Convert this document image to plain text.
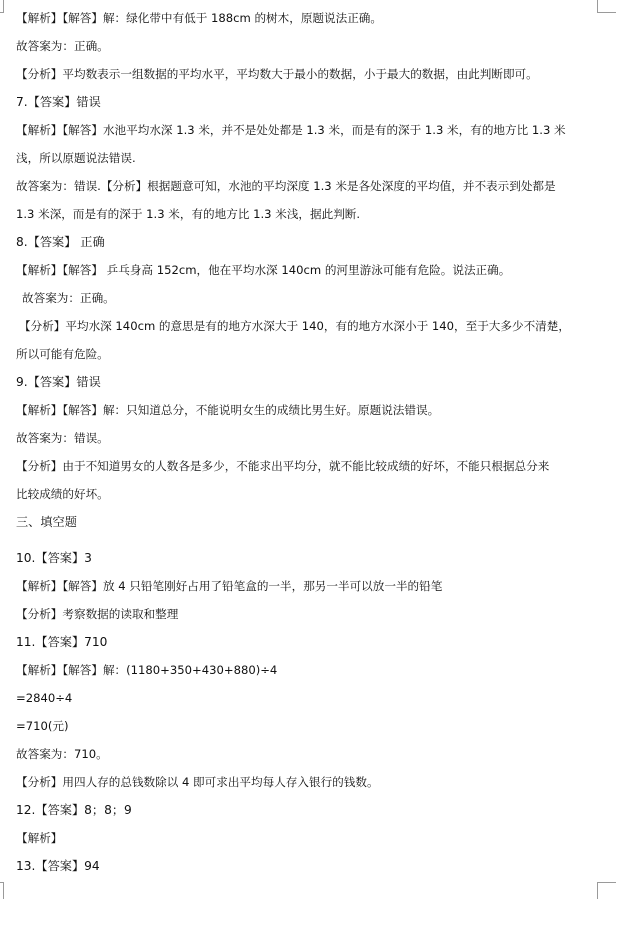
【解析】【解答】解：绿化带中有低于 188cm 的树木，原题说法正确。
故答案为：正确。
【分析】平均数表示一组数据的平均水平，平均数大于最小的数据，小于最大的数据，由此判断即可。
7.【答案】错误
【解析】【解答】水池平均水深 1.3 米，并不是处处都是 1.3 米，而是有的深于 1.3 米，有的地方比 1.3 米
浅，所以原题说法错误.
故答案为：错误.【分析】根据题意可知，水池的平均深度 1.3 米是各处深度的平均值，并不表示到处都是
1.3 米深，而是有的深于 1.3 米，有的地方比 1.3 米浅，据此判断.
8.【答案】 正确
【解析】【解答】 乒乓身高 152cm，他在平均水深 140cm 的河里游泳可能有危险。说法正确。
故答案为：正确。
【分析】平均水深 140cm 的意思是有的地方水深大于 140，有的地方水深小于 140，至于大多少不清楚，
所以可能有危险。
9.【答案】错误
【解析】【解答】解：只知道总分，不能说明女生的成绩比男生好。原题说法错误。
故答案为：错误。
【分析】由于不知道男女的人数各是多少，不能求出平均分，就不能比较成绩的好坏，不能只根据总分来
比较成绩的好坏。
三、填空题
10.【答案】3
【解析】【解答】放 4 只铅笔刚好占用了铅笔盒的一半，那另一半可以放一半的铅笔
【分析】考察数据的读取和整理
11.【答案】710
【解析】【解答】解：(1180+350+430+880)÷4
=2840÷4
=710(元)
故答案为：710。
【分析】用四人存的总钱数除以 4 即可求出平均每人存入银行的钱数。
12.【答案】8；8；9
【解析】
13.【答案】94
